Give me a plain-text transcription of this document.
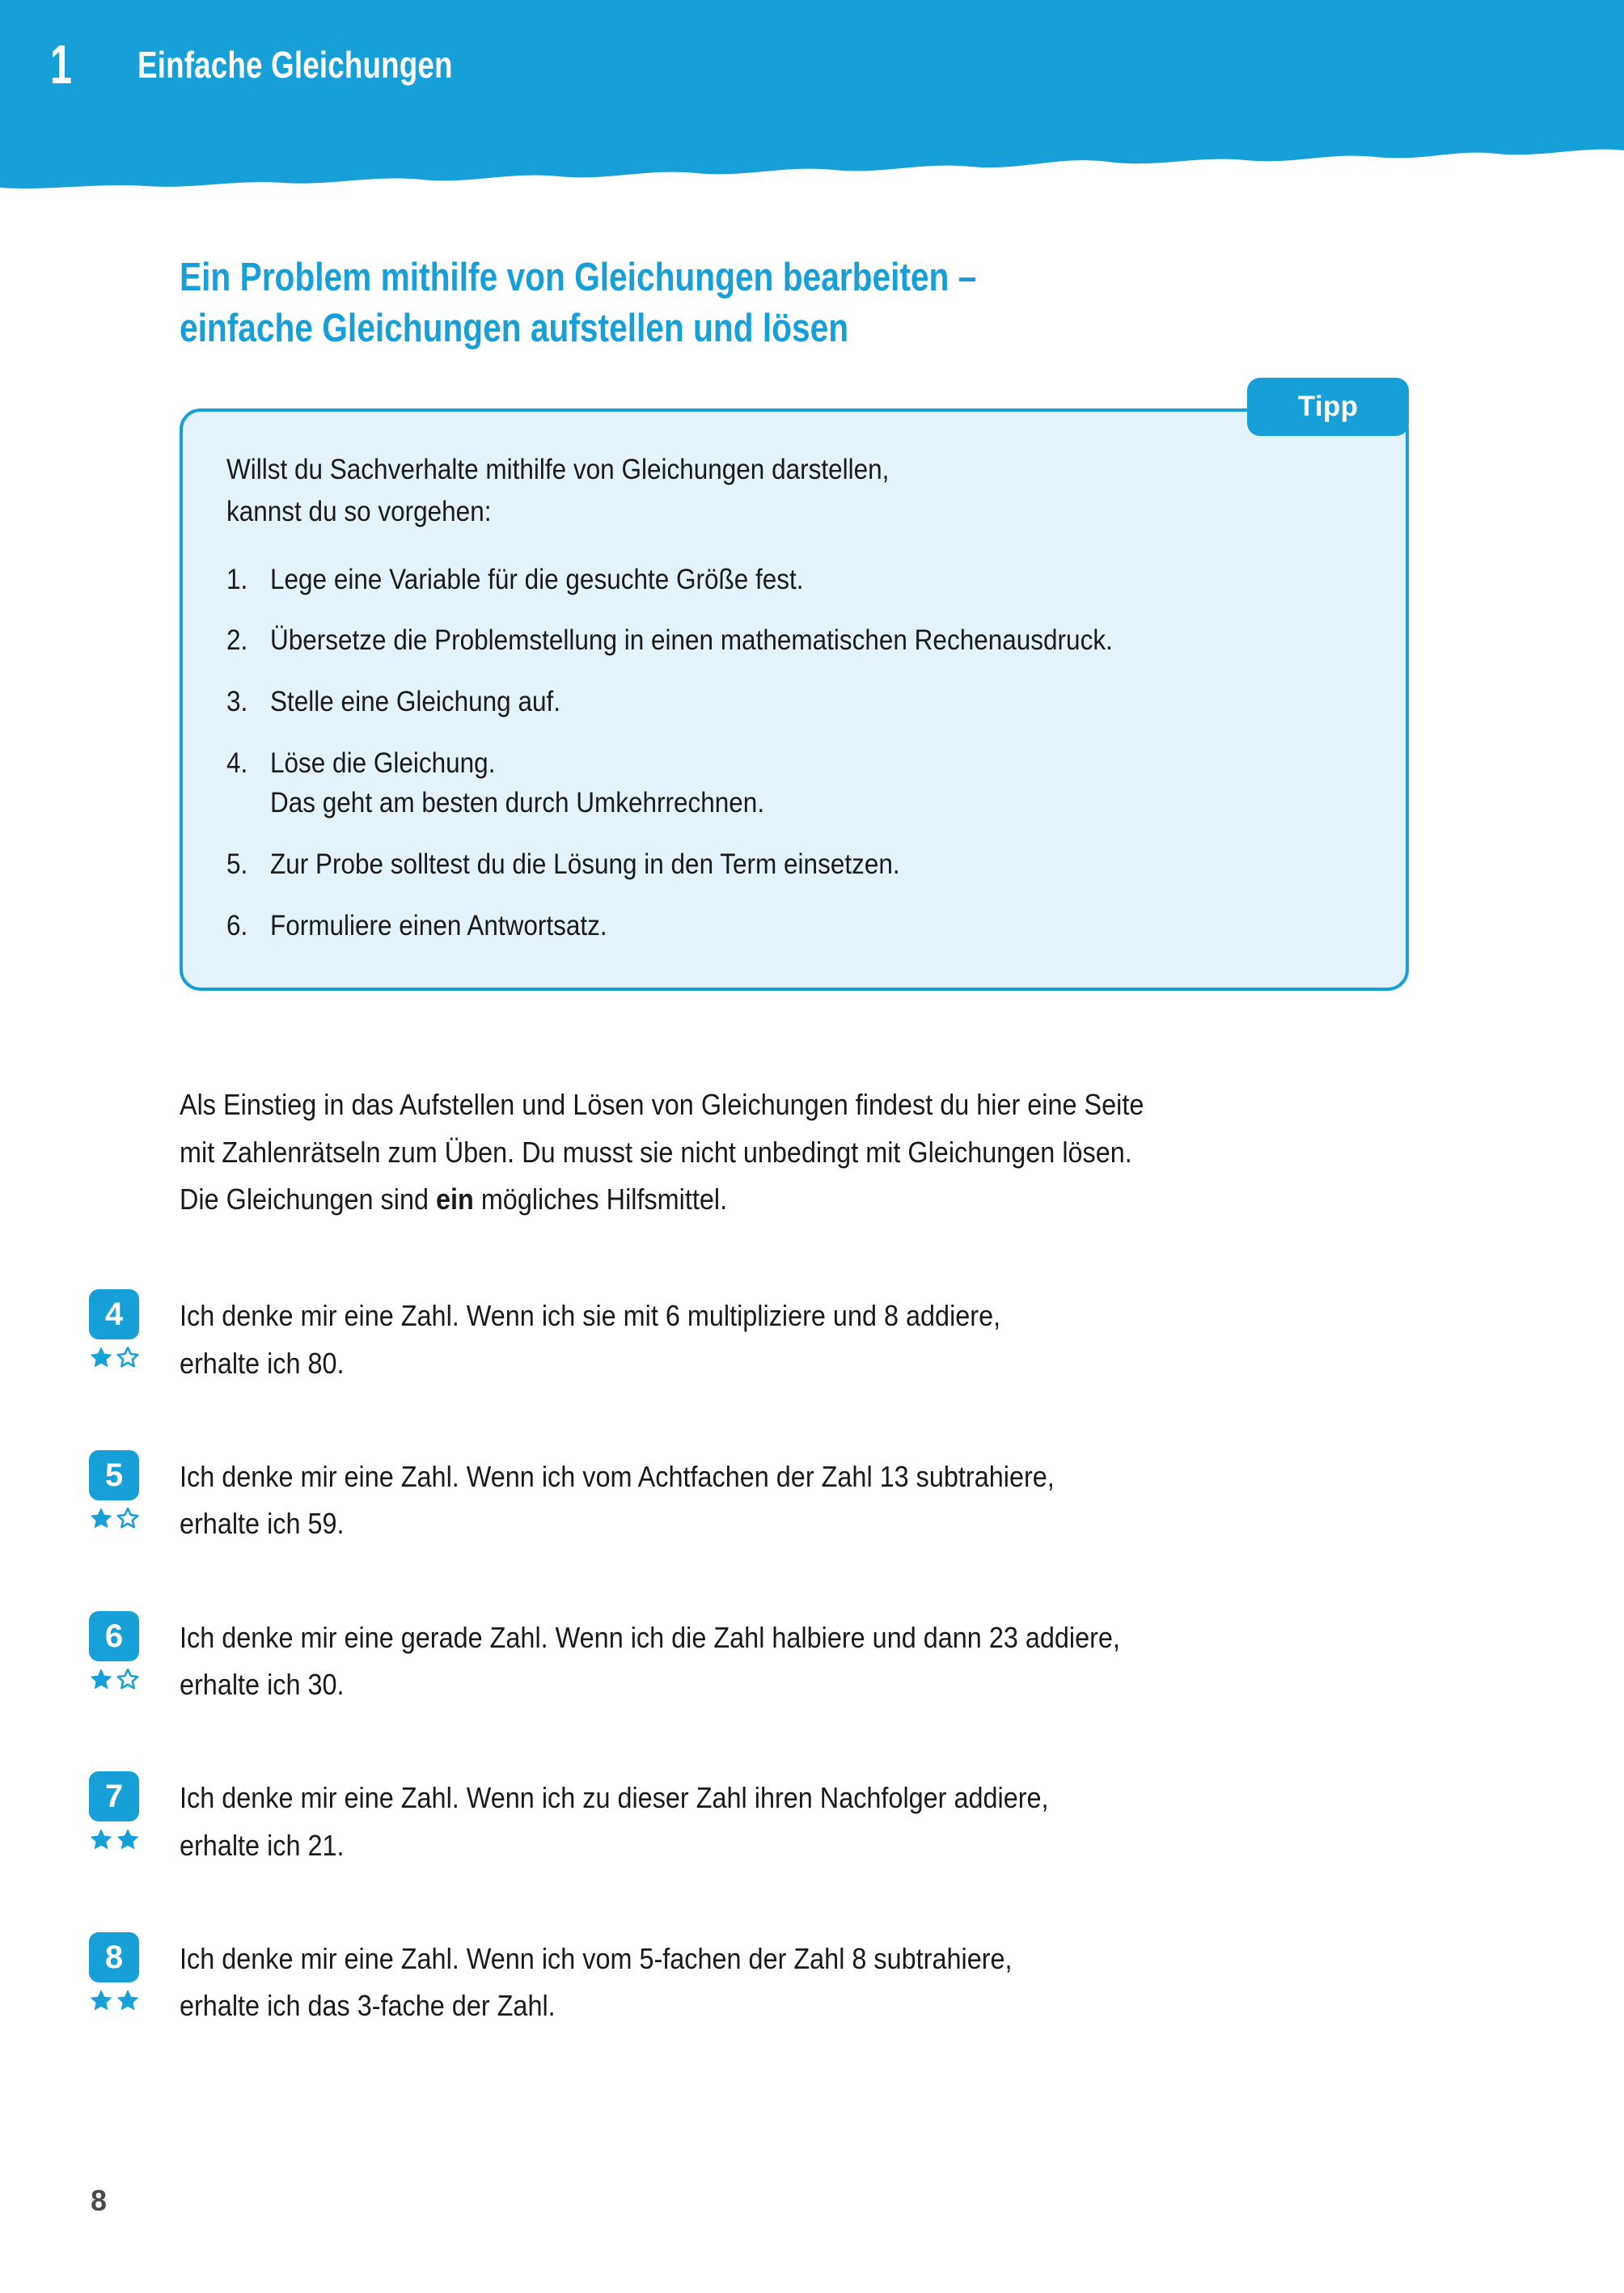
1	Einfache Gleichungen
Ein Problem mithilfe von Gleichungen bearbeiten –
einfache Gleichungen aufstellen und lösen
Tipp
Willst du Sachverhalte mithilfe von Gleichungen darstellen,
kannst du so vorgehen:
1. Lege eine Variable für die gesuchte Größe fest.
2. Übersetze die Problemstellung in einen mathematischen Rechenausdruck.
3. Stelle eine Gleichung auf.
4. Löse die Gleichung.
Das geht am besten durch Umkehrrechnen.
5. Zur Probe solltest du die Lösung in den Term einsetzen.
6. Formuliere einen Antwortsatz.
Als Einstieg in das Aufstellen und Lösen von Gleichungen findest du hier eine Seite
mit Zahlenrätseln zum Üben. Du musst sie nicht unbedingt mit Gleichungen lösen.
Die Gleichungen sind ein mögliches Hilfsmittel.
4	Ich denke mir eine Zahl. Wenn ich sie mit 6 multipliziere und 8 addiere,
erhalte ich 80.
5	Ich denke mir eine Zahl. Wenn ich vom Achtfachen der Zahl 13 subtrahiere,
erhalte ich 59.
6	Ich denke mir eine gerade Zahl. Wenn ich die Zahl halbiere und dann 23 addiere,
erhalte ich 30.
7	Ich denke mir eine Zahl. Wenn ich zu dieser Zahl ihren Nachfolger addiere,
erhalte ich 21.
8	Ich denke mir eine Zahl. Wenn ich vom 5-fachen der Zahl 8 subtrahiere,
erhalte ich das 3-fache der Zahl.
8
